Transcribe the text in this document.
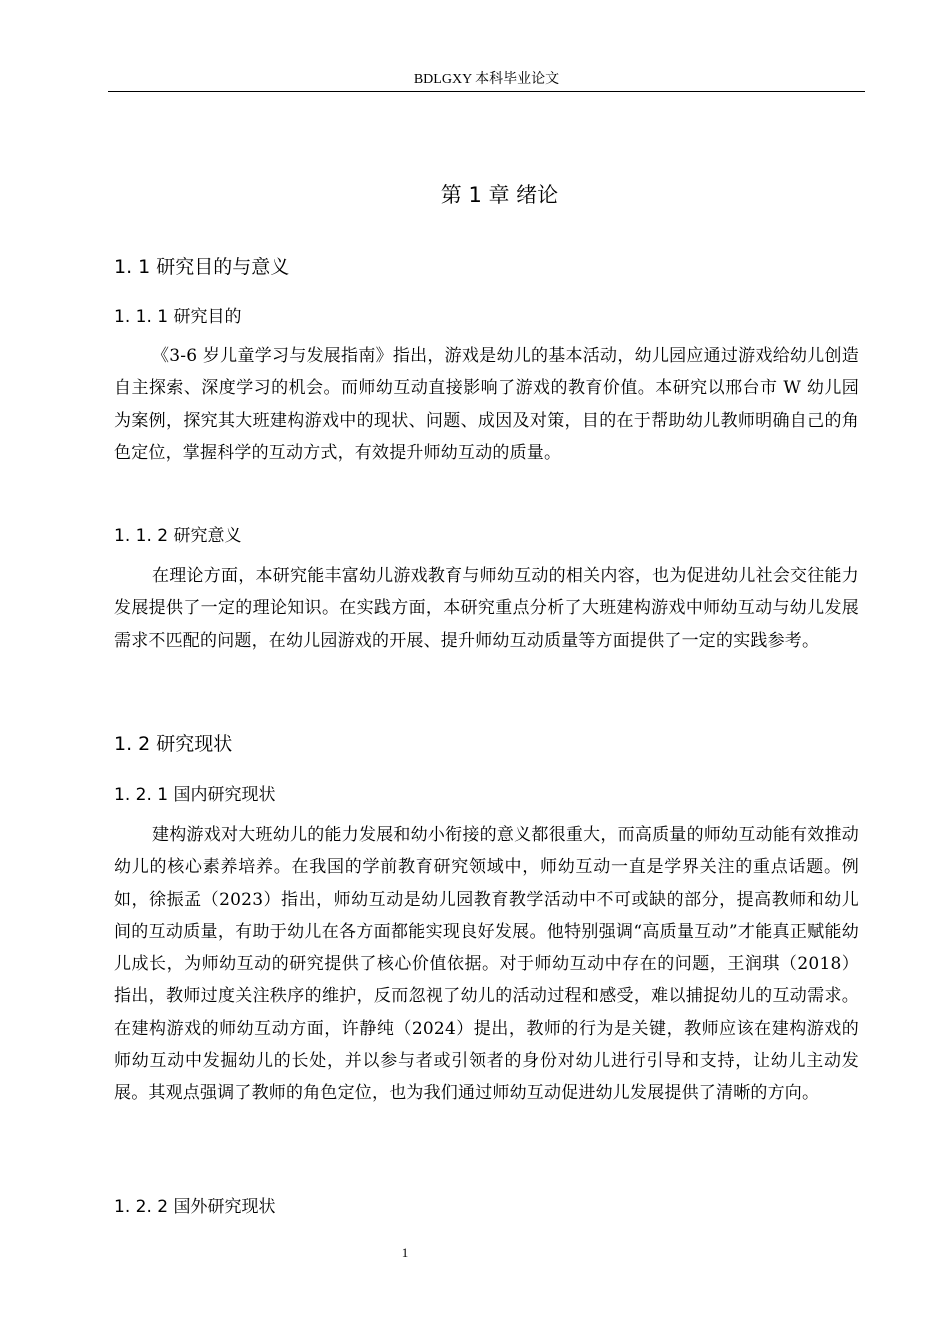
BDLGXY 本科毕业论文
第 1 章 绪论
1. 1 研究目的与意义
1. 1. 1 研究目的

《3-6 岁儿童学习与发展指南》指出，游戏是幼儿的基本活动，幼儿园应通过游戏给幼儿创造自主探索、深度学习的机会。而师幼互动直接影响了游戏的教育价值。本研究以邢台市 W 幼儿园为案例，探究其大班建构游戏中的现状、问题、成因及对策，目的在于帮助幼儿教师明确自己的角色定位，掌握科学的互动方式，有效提升师幼互动的质量。

1. 1. 2 研究意义

在理论方面，本研究能丰富幼儿游戏教育与师幼互动的相关内容，也为促进幼儿社会交往能力发展提供了一定的理论知识。在实践方面，本研究重点分析了大班建构游戏中师幼互动与幼儿发展需求不匹配的问题，在幼儿园游戏的开展、提升师幼互动质量等方面提供了一定的实践参考。

1. 2 研究现状
1. 2. 1 国内研究现状

建构游戏对大班幼儿的能力发展和幼小衔接的意义都很重大，而高质量的师幼互动能有效推动幼儿的核心素养培养。在我国的学前教育研究领域中，师幼互动一直是学界关注的重点话题。例如，徐振孟（2023）指出，师幼互动是幼儿园教育教学活动中不可或缺的部分，提高教师和幼儿间的互动质量，有助于幼儿在各方面都能实现良好发展。他特别强调“高质量互动”才能真正赋能幼儿成长，为师幼互动的研究提供了核心价值依据。对于师幼互动中存在的问题，王润琪（2018）指出，教师过度关注秩序的维护，反而忽视了幼儿的活动过程和感受，难以捕捉幼儿的互动需求。在建构游戏的师幼互动方面，许静纯（2024）提出，教师的行为是关键，教师应该在建构游戏的师幼互动中发掘幼儿的长处，并以参与者或引领者的身份对幼儿进行引导和支持，让幼儿主动发展。其观点强调了教师的角色定位，也为我们通过师幼互动促进幼儿发展提供了清晰的方向。

1. 2. 2 国外研究现状
1
